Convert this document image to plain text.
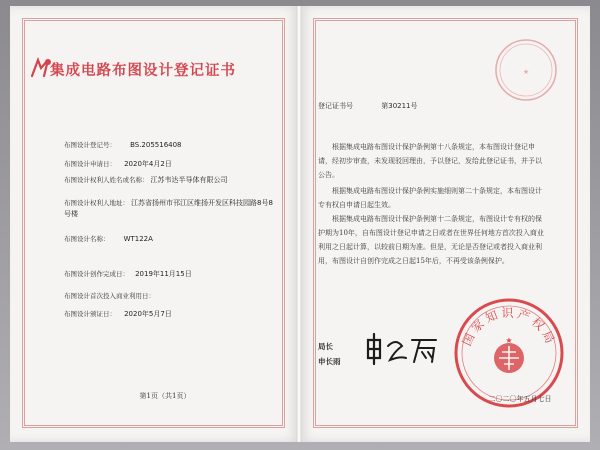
集成电路布图设计登记证书
布图设计登记号： BS.205516408
布图设计申请日： 2020年4月2日
布图设计权利人姓名或名称： 江苏韦达半导体有限公司
布图设计权利人地址： 江苏省扬州市邗江区维扬开发区科技园路8号8号楼
布图设计名称： WT122A
布图设计创作完成日： 2019年11月15日
布图设计首次投入商业利用日：
布图设计颁证日： 2020年5月7日
第1页（共1页）
★
登记证书号	第30211号
根据集成电路布图设计保护条例第十八条规定，本布图设计登记申请，经初步审查，未发现驳回理由，予以登记，发给此登记证书，并予以公告。
根据集成电路布图设计保护条例实施细则第二十条规定，本布图设计专有权自申请日起生效。
根据集成电路布图设计保护条例第十二条规定，布图设计专有权的保护期为10年，自布图设计登记申请之日或者在世界任何地方首次投入商业利用之日起计算，以较前日期为准。但是，无论是否登记或者投入商业利用，布图设计自创作完成之日起15年后，不再受该条例保护。
局长
申长雨
国家知识产权局
★
二〇二〇年五月七日
